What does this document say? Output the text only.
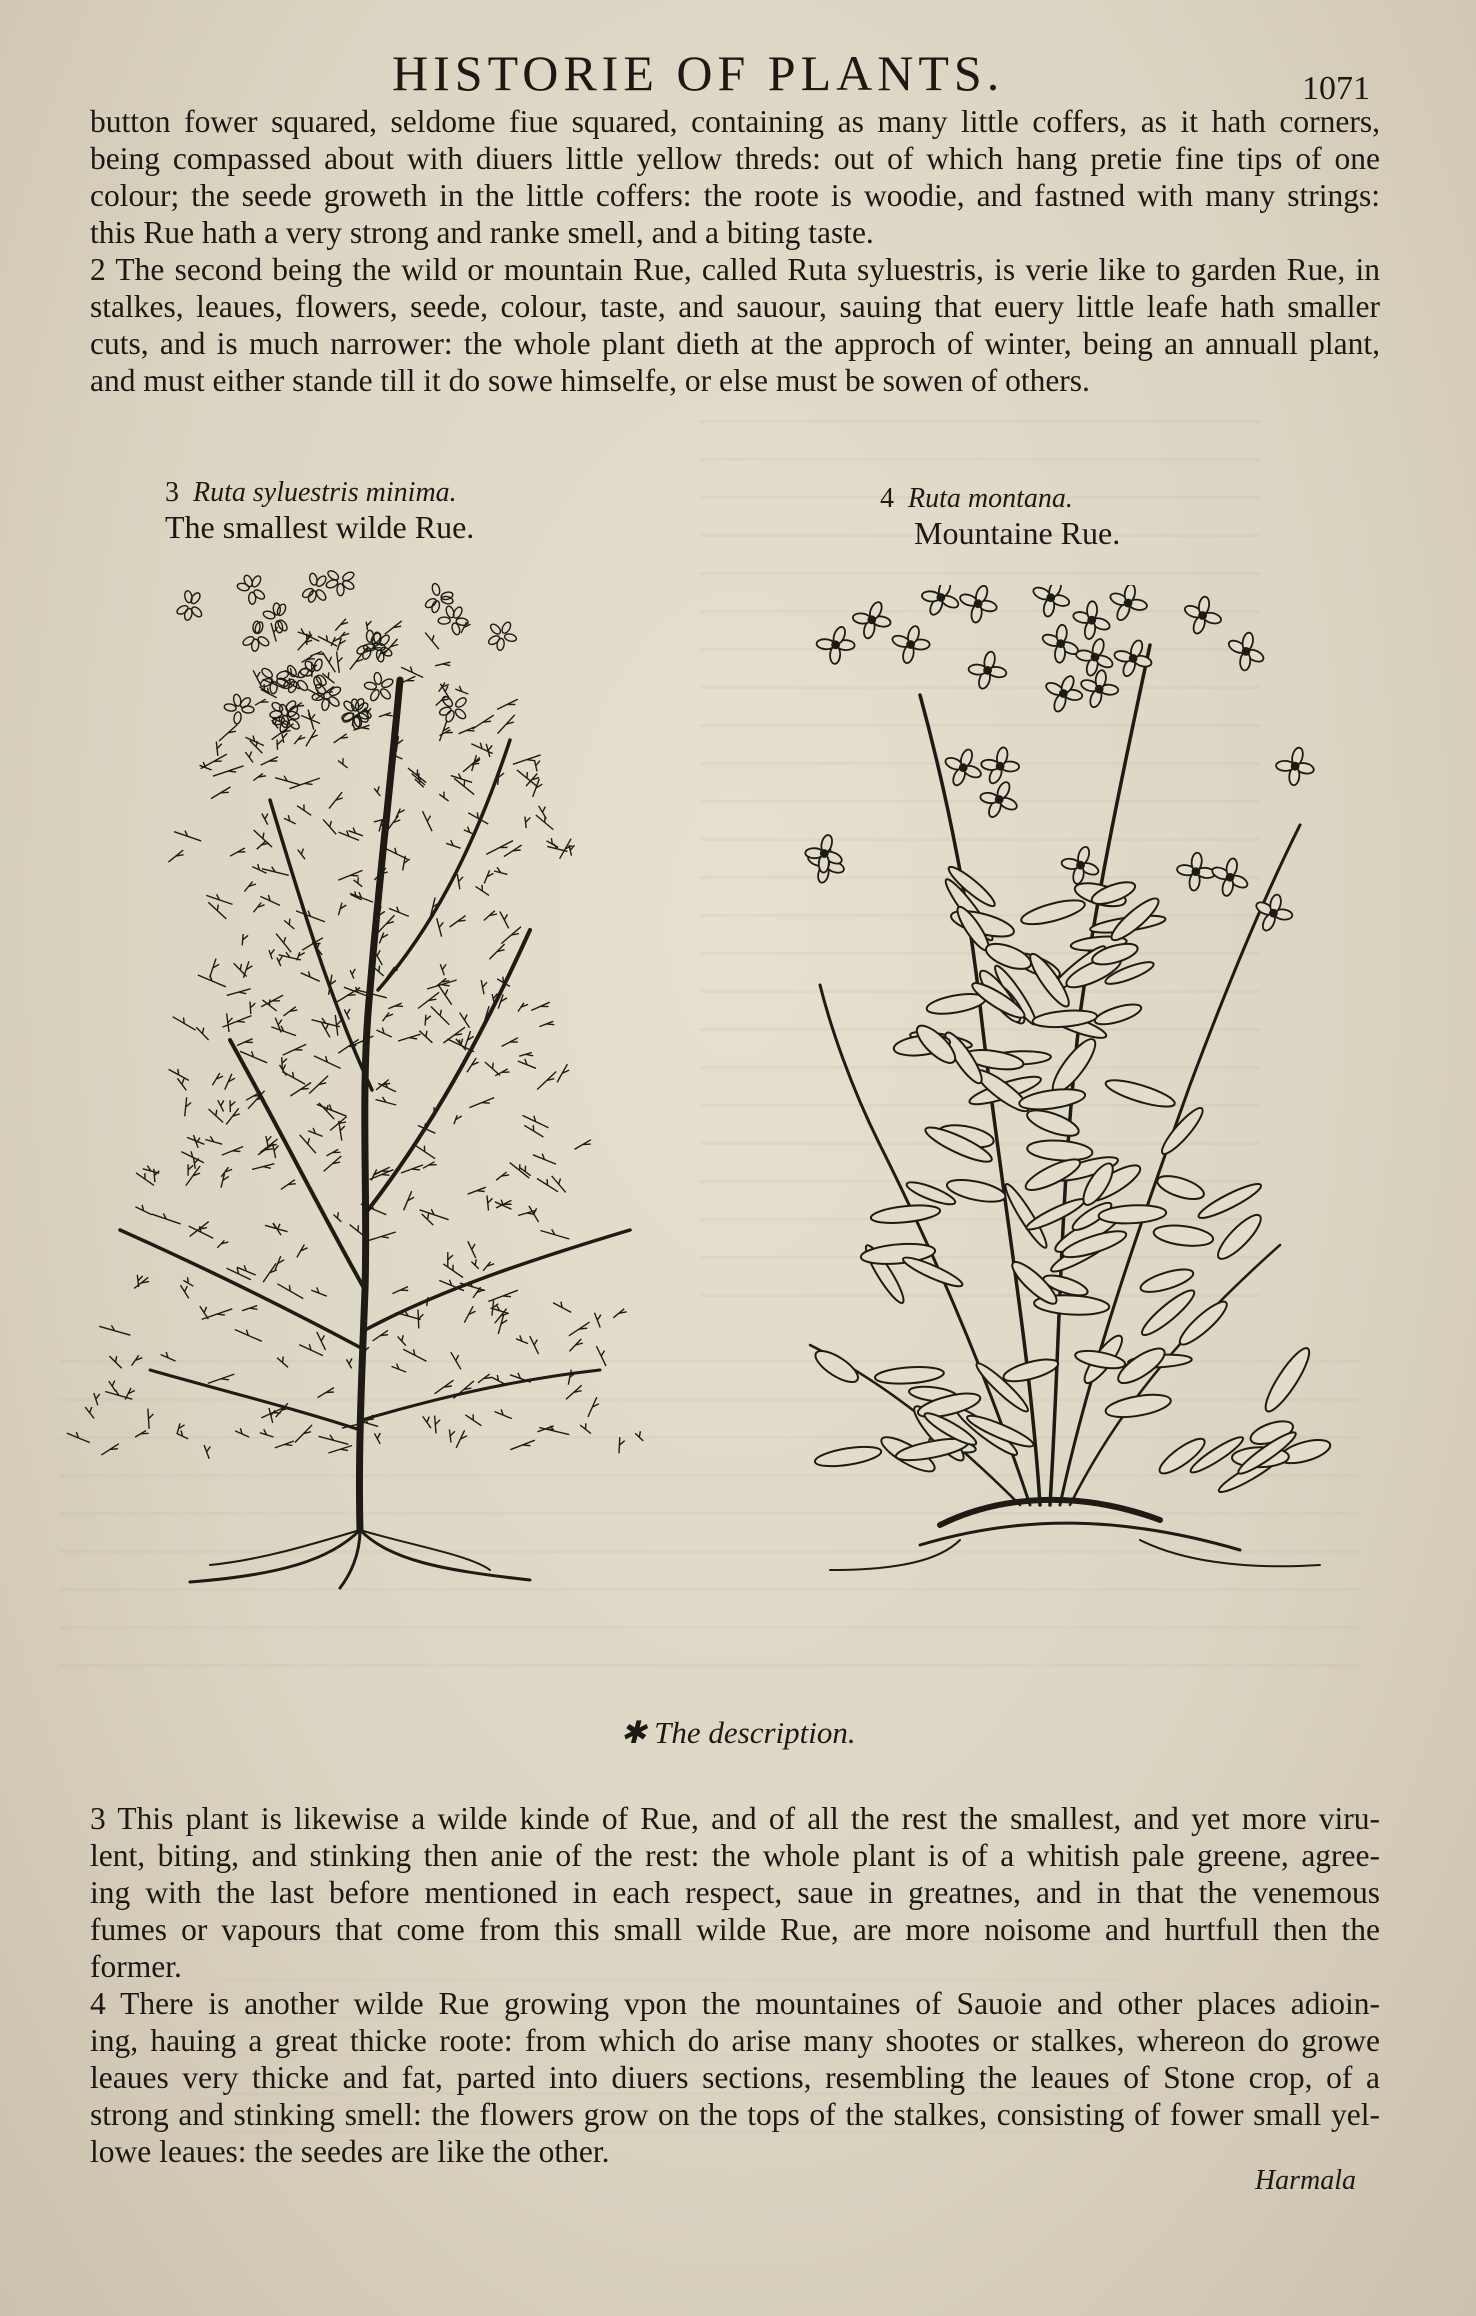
HISTORIE OF PLANTS.	1071

button fower squared, seldome fiue squared, containing as many little coffers, as it hath corners,

being compassed about with diuers little yellow threds: out of which hang pretie fine tips of one

colour; the seede groweth in the little coffers: the roote is woodie, and fastned with many strings:

this Rue hath a very strong and ranke smell, and a biting taste.

2 The second being the wild or mountain Rue, called Ruta syluestris, is verie like to garden Rue, in

stalkes, leaues, flowers, seede, colour, taste, and sauour, sauing that euery little leafe hath smaller

cuts, and is much narrower: the whole plant dieth at the approch of winter, being an annuall plant,

and must either stande till it do sowe himselfe, or else must be sowen of others.

3 Ruta syluestris minima.
The smallest wilde Rue.
4 Ruta montana.
Mountaine Rue.
✱ The description.

3 This plant is likewise a wilde kinde of Rue, and of all the rest the smallest, and yet more viru-

lent, biting, and stinking then anie of the rest: the whole plant is of a whitish pale greene, agree-

ing with the last before mentioned in each respect, saue in greatnes, and in that the venemous

fumes or vapours that come from this small wilde Rue, are more noisome and hurtfull then the

former.

4 There is another wilde Rue growing vpon the mountaines of Sauoie and other places adioin-

ing, hauing a great thicke roote: from which do arise many shootes or stalkes, whereon do growe

leaues very thicke and fat, parted into diuers sections, resembling the leaues of Stone crop, of a

strong and stinking smell: the flowers grow on the tops of the stalkes, consisting of fower small yel-

lowe leaues: the seedes are like the other.

Harmala
